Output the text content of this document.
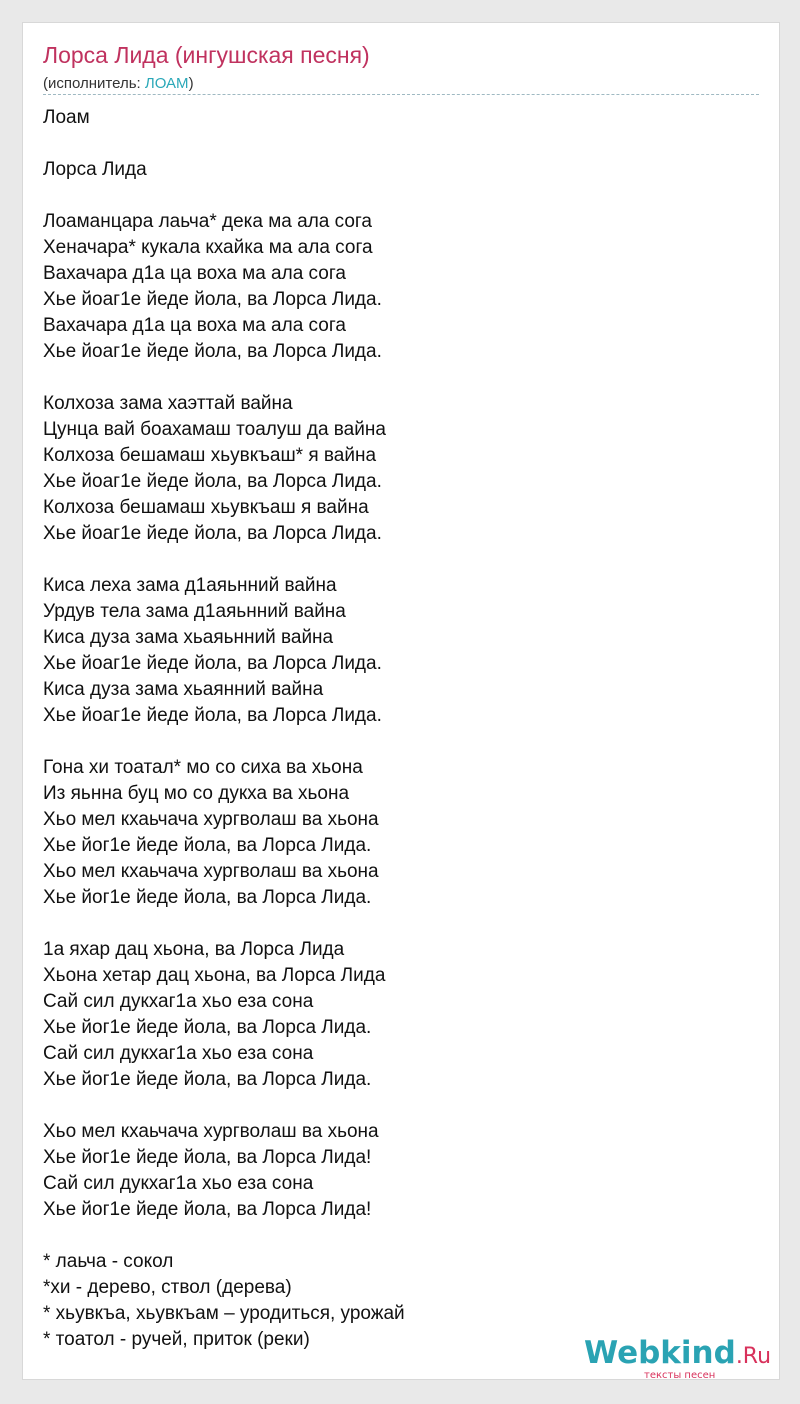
Лорса Лида (ингушская песня)
(исполнитель: ЛОАМ)
Лоам
Лорса Лида
Лоаманцара лаьча* дека ма ала сога
Хеначара* кукала кхайка ма ала сога
Вахачара д1а ца воха ма ала сога
Хье йоаг1е йеде йола, ва Лорса Лида.
Вахачара д1а ца воха ма ала сога
Хье йоаг1е йеде йола, ва Лорса Лида.
Колхоза зама хаэттай вайна
Цунца вай боахамаш тоалуш да вайна
Колхоза бешамаш хьувкъаш* я вайна
Хье йоаг1е йеде йола, ва Лорса Лида.
Колхоза бешамаш хьувкъаш я вайна
Хье йоаг1е йеде йола, ва Лорса Лида.
Киса леха зама д1аяьнний вайна
Урдув тела зама д1аяьнний вайна
Киса дуза зама хьаяьнний вайна
Хье йоаг1е йеде йола, ва Лорса Лида.
Киса дуза зама хьаянний вайна
Хье йоаг1е йеде йола, ва Лорса Лида.
Гона хи тоатал* мо со сиха ва хьона
Из яьнна буц мо со дукха ва хьона
Хьо мел кхаьчача хургволаш ва хьона
Хье йог1е йеде йола, ва Лорса Лида.
Хьо мел кхаьчача хургволаш ва хьона
Хье йог1е йеде йола, ва Лорса Лида.
1а яхар дац хьона, ва Лорса Лида
Хьона хетар дац хьона, ва Лорса Лида
Сай сил дукхаг1а хьо еза сона
Хье йог1е йеде йола, ва Лорса Лида.
Сай сил дукхаг1а хьо еза сона
Хье йог1е йеде йола, ва Лорса Лида.
Хьо мел кхаьчача хургволаш ва хьона
Хье йог1е йеде йола, ва Лорса Лида!
Сай сил дукхаг1а хьо еза сона
Хье йог1е йеде йола, ва Лорса Лида!
* лаьча - сокол
*хи - дерево, ствол (дерева)
* хьувкъа, хьувкъам – уродиться, урожай
* тоатол - ручей, приток (реки)	Webkind.Ru
тексты песен
